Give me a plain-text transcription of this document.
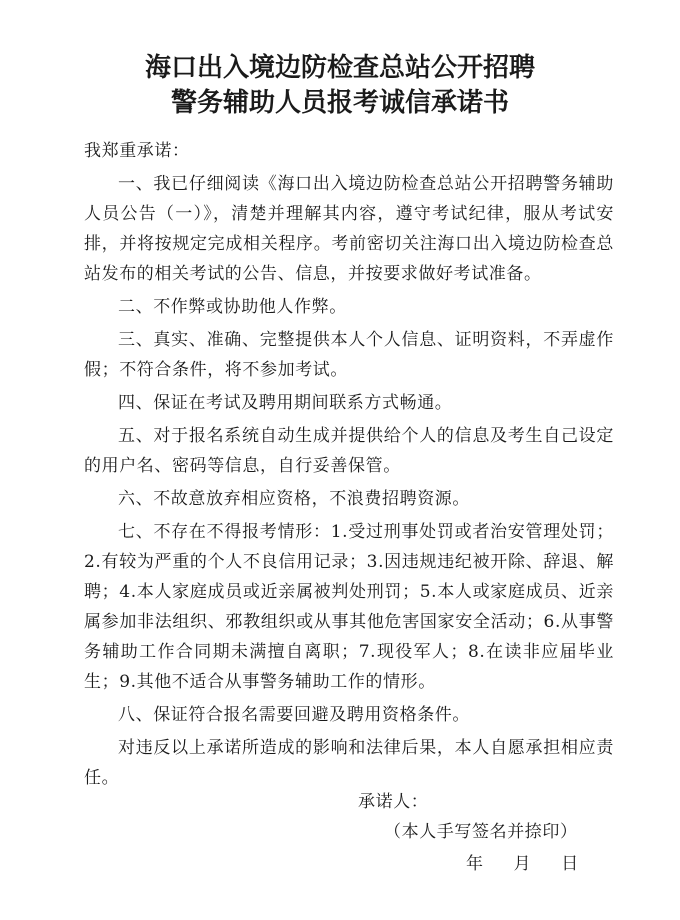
海口出入境边防检查总站公开招聘
警务辅助人员报考诚信承诺书

我郑重承诺：

一、我已仔细阅读《海口出入境边防检查总站公开招聘警务辅助人员公告（一）》，清楚并理解其内容，遵守考试纪律，服从考试安排，并将按规定完成相关程序。考前密切关注海口出入境边防检查总站发布的相关考试的公告、信息，并按要求做好考试准备。

二、不作弊或协助他人作弊。

三、真实、准确、完整提供本人个人信息、证明资料，不弄虚作假；不符合条件，将不参加考试。

四、保证在考试及聘用期间联系方式畅通。

五、对于报名系统自动生成并提供给个人的信息及考生自己设定的用户名、密码等信息，自行妥善保管。

六、不故意放弃相应资格，不浪费招聘资源。

七、不存在不得报考情形：1.受过刑事处罚或者治安管理处罚；2.有较为严重的个人不良信用记录；3.因违规违纪被开除、辞退、解聘；4.本人家庭成员或近亲属被判处刑罚；5.本人或家庭成员、近亲属参加非法组织、邪教组织或从事其他危害国家安全活动；6.从事警务辅助工作合同期未满擅自离职；7.现役军人；8.在读非应届毕业生；9.其他不适合从事警务辅助工作的情形。

八、保证符合报名需要回避及聘用资格条件。

对违反以上承诺所造成的影响和法律后果，本人自愿承担相应责任。

承诺人：
（本人手写签名并捺印）
年 月 日
